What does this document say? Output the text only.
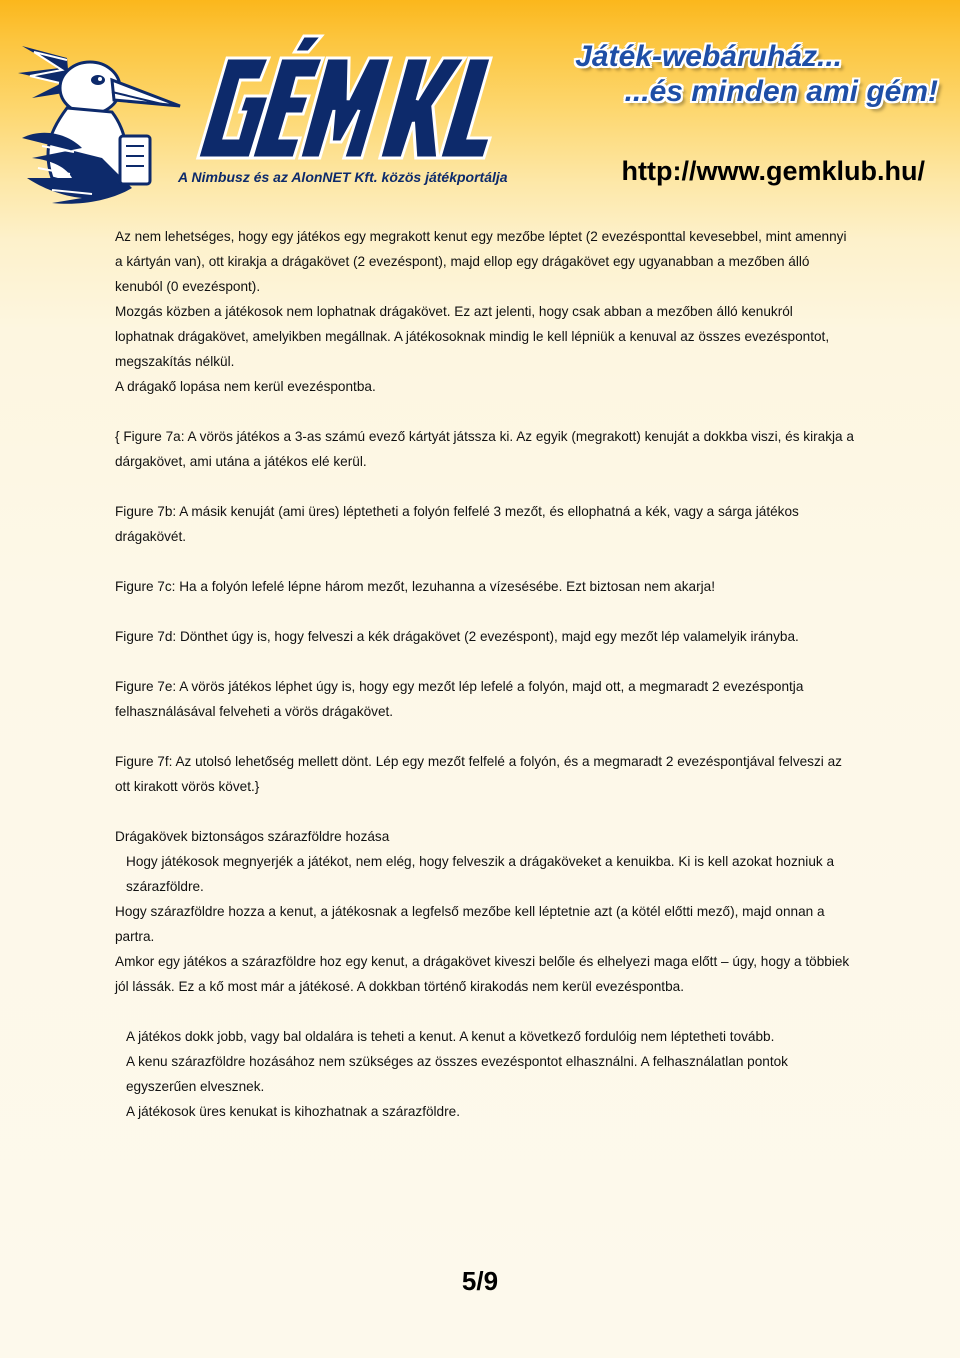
A Nimbusz és az AlonNET Kft. közös játékportálja
Játék-webáruház...
...és minden ami gém!
http://www.gemklub.hu/

Az nem lehetséges, hogy egy játékos egy megrakott kenut egy mezőbe léptet (2 evezésponttal kevesebbel, mint amennyi a kártyán van), ott kirakja a drágakövet (2 evezéspont), majd ellop egy drágakövet egy ugyanabban a mezőben álló kenuból (0 evezéspont).

Mozgás közben a játékosok nem lophatnak drágakövet. Ez azt jelenti, hogy csak abban a mezőben álló kenukról lophatnak drágakövet, amelyikben megállnak. A játékosoknak mindig le kell lépniük a kenuval az összes evezéspontot, megszakítás nélkül.

A drágakő lopása nem kerül evezéspontba.

{ Figure 7a: A vörös játékos a 3-as számú evező kártyát játssza ki. Az egyik (megrakott) kenuját a dokkba viszi, és kirakja a dárgakövet, ami utána a játékos elé kerül.

Figure 7b: A másik kenuját (ami üres) léptetheti a folyón felfelé 3 mezőt, és ellophatná a kék, vagy a sárga játékos drágakövét.

Figure 7c: Ha a folyón lefelé lépne három mezőt, lezuhanna a vízesésébe. Ezt biztosan nem akarja!

Figure 7d: Dönthet úgy is, hogy felveszi a kék drágakövet (2 evezéspont), majd egy mezőt lép valamelyik irányba.

Figure 7e: A vörös játékos léphet úgy is, hogy egy mezőt lép lefelé a folyón, majd ott, a megmaradt 2 evezéspontja felhasználásával felveheti a vörös drágakövet.

Figure 7f: Az utolsó lehetőség mellett dönt. Lép egy mezőt felfelé a folyón, és a megmaradt 2 evezéspontjával felveszi az ott kirakott vörös követ.}

Drágakövek biztonságos szárazföldre hozása

Hogy játékosok megnyerjék a játékot, nem elég, hogy felveszik a drágaköveket a kenuikba. Ki is kell azokat hozniuk a szárazföldre.

Hogy szárazföldre hozza a kenut, a játékosnak a legfelső mezőbe kell léptetnie azt (a kötél előtti mező), majd onnan a partra.

Amkor egy játékos a szárazföldre hoz egy kenut, a drágakövet kiveszi belőle és elhelyezi maga előtt – úgy, hogy a többiek jól lássák. Ez a kő most már a játékosé. A dokkban történő kirakodás nem kerül evezéspontba.

A játékos dokk jobb, vagy bal oldalára is teheti a kenut. A kenut a következő fordulóig nem léptetheti tovább.

A kenu szárazföldre hozásához nem szükséges az összes evezéspontot elhasználni. A felhasználatlan pontok egyszerűen elvesznek.

A játékosok üres kenukat is kihozhatnak a szárazföldre.

5/9
